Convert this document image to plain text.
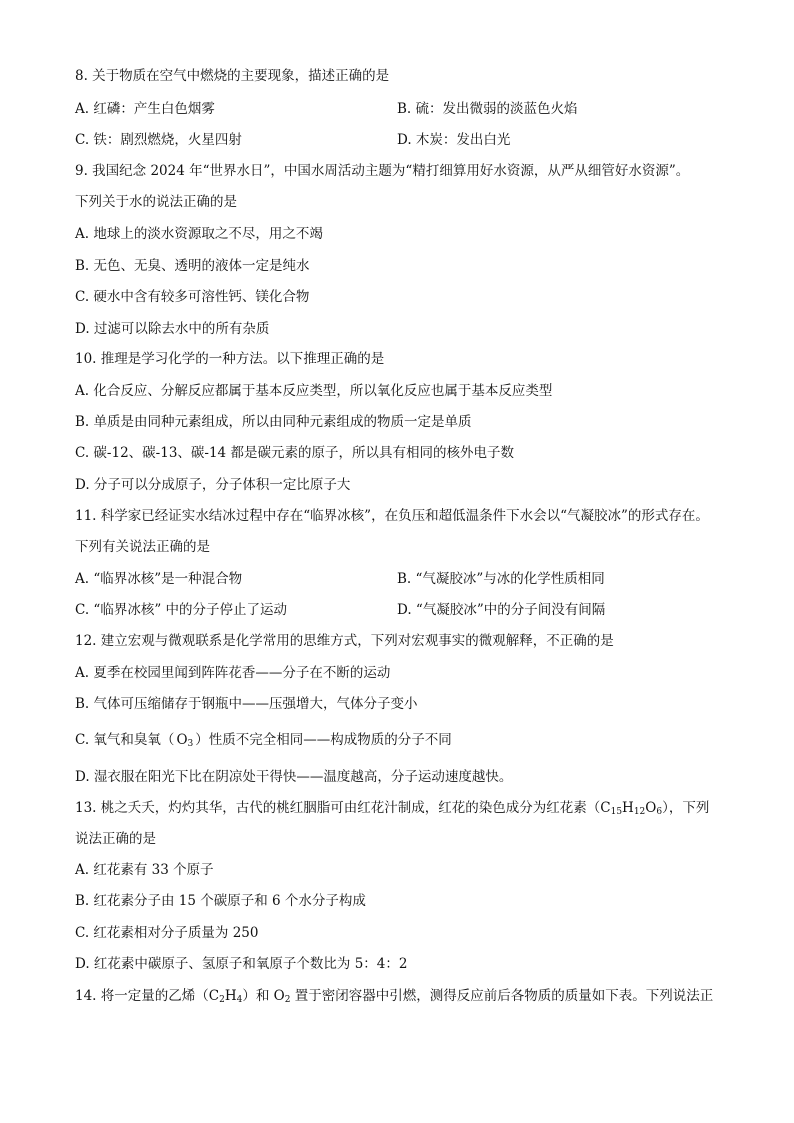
8. 关于物质在空气中燃烧的主要现象，描述正确的是
A. 红磷：产生白色烟雾	B. 硫：发出微弱的淡蓝色火焰
C. 铁：剧烈燃烧，火星四射	D. 木炭：发出白光
9. 我国纪念 2024 年“世界水日”，中国水周活动主题为“精打细算用好水资源，从严从细管好水资源”。
下列关于水的说法正确的是
A. 地球上的淡水资源取之不尽，用之不竭
B. 无色、无臭、透明的液体一定是纯水
C. 硬水中含有较多可溶性钙、镁化合物
D. 过滤可以除去水中的所有杂质
10. 推理是学习化学的一种方法。以下推理正确的是
A. 化合反应、分解反应都属于基本反应类型，所以氧化反应也属于基本反应类型
B. 单质是由同种元素组成，所以由同种元素组成的物质一定是单质
C. 碳-12、碳-13、碳-14 都是碳元素的原子，所以具有相同的核外电子数
D. 分子可以分成原子，分子体积一定比原子大
11. 科学家已经证实水结冰过程中存在“临界冰核”，在负压和超低温条件下水会以“气凝胶冰”的形式存在。
下列有关说法正确的是
A. “临界冰核”是一种混合物	B. “气凝胶冰”与冰的化学性质相同
C. “临界冰核” 中的分子停止了运动	D. “气凝胶冰”中的分子间没有间隔
12. 建立宏观与微观联系是化学常用的思维方式，下列对宏观事实的微观解释，不正确的是
A. 夏季在校园里闻到阵阵花香——分子在不断的运动
B. 气体可压缩储存于钢瓶中——压强增大，气体分子变小
C. 氧气和臭氧（ $O_3$ ）性质不完全相同——构成物质的分子不同
D. 湿衣服在阳光下比在阴凉处干得快——温度越高，分子运动速度越快。
13. 桃之夭夭，灼灼其华，古代的桃红胭脂可由红花汁制成，红花的染色成分为红花素$(C_{15}H_{12}O_6)$，下列
说法正确的是
A. 红花素有 33 个原子
B. 红花素分子由 15 个碳原子和 6 个水分子构成
C. 红花素相对分子质量为 250
D. 红花素中碳原子、氢原子和氧原子个数比为 5：4：2
14. 将一定量的乙烯$(C_2H_4)$和 $O_2$ 置于密闭容器中引燃，测得反应前后各物质的质量如下表。下列说法正
